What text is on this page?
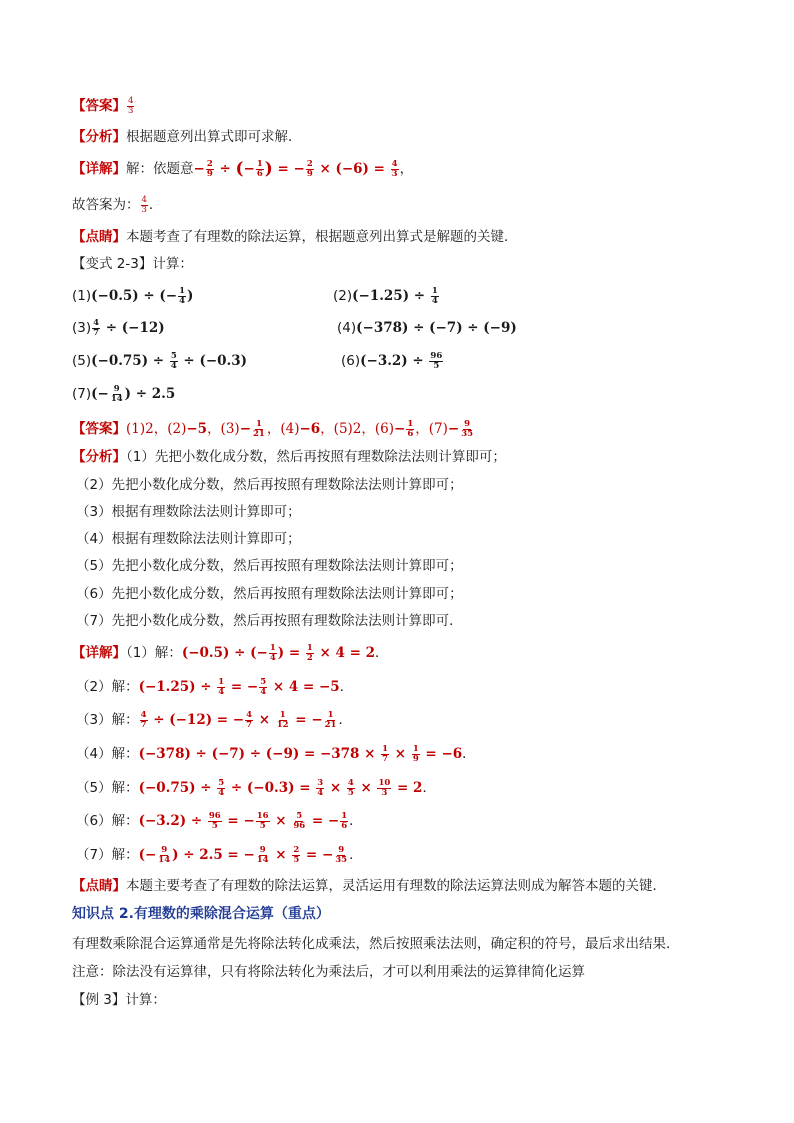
【答案】 $\frac{4}{3}$
【分析】根据题意列出算式即可求解．
【详解】解：依题意− $\frac{2}{9}$ ÷ (− $\frac{1}{6}$ ) = − $\frac{2}{9} \times (-6) = \frac{4}{3}$ ，
故答案为： $\frac{4}{3}$ ．
【点睛】本题考查了有理数的除法运算，根据题意列出算式是解题的关键．
【变式 2-3】计算：
(1)(−0.5) ÷ (− $\frac{1}{4}$ )	$(2)(-1.25) \div \frac{1}{4}$
$(3) \frac{4}{7} \div (-12)$	(4)(−378) ÷ (−7) ÷ (−9)
$(5)(-0.75) \div \frac{5}{4} \div (-0.3)$	$(6)(-3.2) \div \frac{96}{5}$
$(7)(- \frac{9}{14}$ ) ÷ 2.5
【答案】(1)2，(2)−5，$(3)- \frac{1}{21}$ ，(4)−6，(5)2，$(6)- \frac{1}{6}$ ，$(7)- \frac{9}{35}$
【分析】（1）先把小数化成分数，然后再按照有理数除法法则计算即可；
（2）先把小数化成分数，然后再按照有理数除法法则计算即可；
（3）根据有理数除法法则计算即可；
（4）根据有理数除法法则计算即可；
（5）先把小数化成分数，然后再按照有理数除法法则计算即可；
（6）先把小数化成分数，然后再按照有理数除法法则计算即可；
（7）先把小数化成分数，然后再按照有理数除法法则计算即可．
【详解】（1）解：(−0.5) ÷ (− $\frac{1}{4}$ ) = $\frac{1}{2} \times 4 = 2$．
（2）解：$(-1.25) \div \frac{1}{4}$ = − $\frac{5}{4} \times 4 = -5$．
（3）解： $\frac{4}{7} \div (-12)$ = − $\frac{4}{7} \times \frac{1}{12}$ = − $\frac{1}{21}$ ．
（4）解：$(-378) \div (-7) \div (-9) = -378 \times \frac{1}{7} \times \frac{1}{9} = -6$．
（5）解：$(-0.75) \div \frac{5}{4} \div (-0.3) = \frac{3}{4} \times \frac{4}{5} \times \frac{10}{3} = 2$．
（6）解：$(-3.2) \div \frac{96}{5}$ = − $\frac{16}{5} \times \frac{5}{96}$ = − $\frac{1}{6}$ ．
（7）解：(− $\frac{9}{14}$ ) ÷ 2.5 = − $\frac{9}{14} \times \frac{2}{5}$ = − $\frac{9}{35}$ ．
【点睛】本题主要考查了有理数的除法运算，灵活运用有理数的除法运算法则成为解答本题的关键．
知识点 2.有理数的乘除混合运算（重点）
有理数乘除混合运算通常是先将除法转化成乘法，然后按照乘法法则，确定积的符号，最后求出结果.
注意：除法没有运算律，只有将除法转化为乘法后，才可以利用乘法的运算律简化运算
【例 3】计算：
